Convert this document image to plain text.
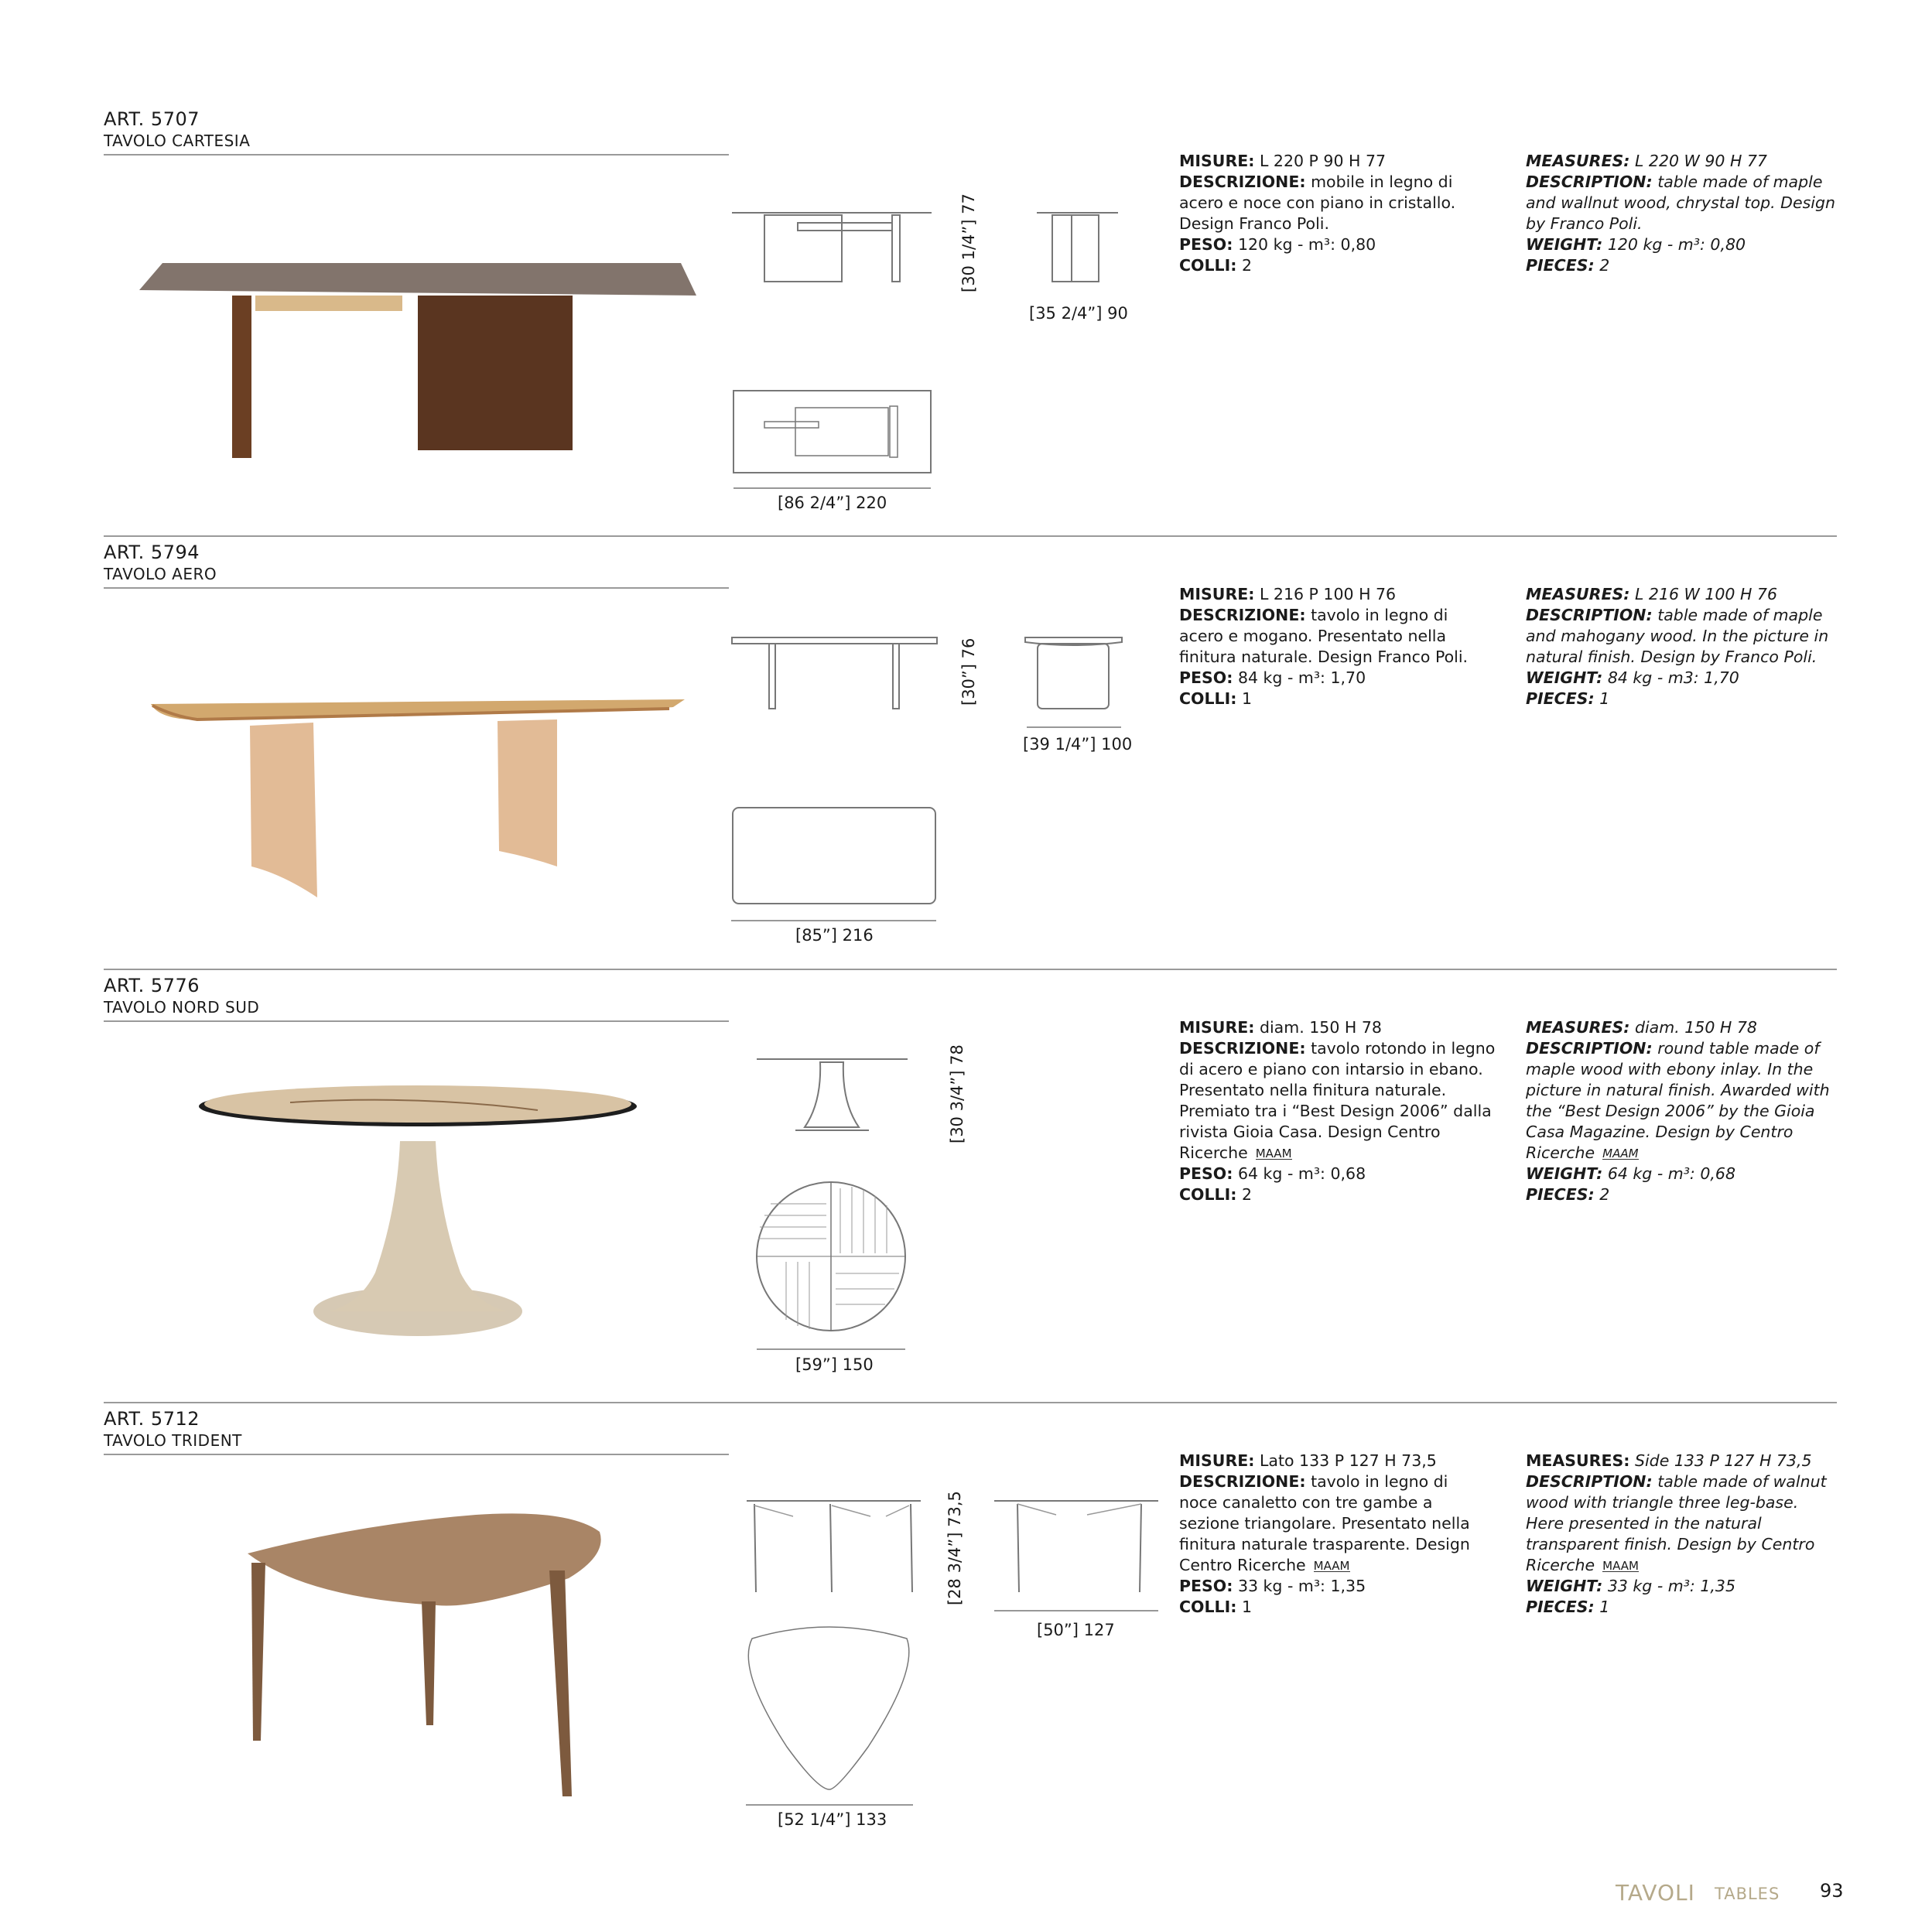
ART. 5707
TAVOLO CARTESIA
[30 1/4”] 77
[35 2/4”] 90
[86 2/4”] 220
MISURE: L 220 P 90 H 77
DESCRIZIONE: mobile in legno di acero e noce con piano in cristallo. Design Franco Poli.
PESO: 120 kg - m³: 0,80
COLLI: 2
MEASURES: L 220 W 90 H 77
DESCRIPTION: table made of maple and wallnut wood, chrystal top. Design by Franco Poli.
WEIGHT: 120 kg - m³: 0,80
PIECES: 2
ART. 5794
TAVOLO AERO
[30”] 76
[39 1/4”] 100
[85”] 216
MISURE: L 216 P 100 H 76
DESCRIZIONE: tavolo in legno di acero e mogano. Presentato nella finitura naturale. Design Franco Poli.
PESO: 84 kg - m³: 1,70
COLLI: 1
MEASURES: L 216 W 100 H 76
DESCRIPTION: table made of maple and mahogany wood. In the picture in natural finish. Design by Franco Poli.
WEIGHT: 84 kg - m3: 1,70
PIECES: 1
ART. 5776
TAVOLO NORD SUD
[30 3/4”] 78
[59”] 150
MISURE: diam. 150 H 78
DESCRIZIONE: tavolo rotondo in legno di acero e piano con intarsio in ebano. Presentato nella finitura naturale. Premiato tra i “Best Design 2006” dalla rivista Gioia Casa. Design Centro Ricerche MAAM
PESO: 64 kg - m³: 0,68
COLLI: 2
MEASURES: diam. 150 H 78
DESCRIPTION: round table made of maple wood with ebony inlay. In the picture in natural finish. Awarded with the “Best Design 2006” by the Gioia Casa Magazine. Design by Centro Ricerche MAAM
WEIGHT: 64 kg - m³: 0,68
PIECES: 2
ART. 5712
TAVOLO TRIDENT
[28 3/4”] 73,5
[50”] 127
[52 1/4”] 133
MISURE: Lato 133 P 127 H 73,5
DESCRIZIONE: tavolo in legno di noce canaletto con tre gambe a sezione triangolare. Presentato nella finitura naturale trasparente. Design Centro Ricerche MAAM
PESO: 33 kg - m³: 1,35
COLLI: 1
MEASURES: Side 133 P 127 H 73,5
DESCRIPTION: table made of walnut wood with triangle three leg-base. Here presented in the natural transparent finish. Design by Centro Ricerche MAAM
WEIGHT: 33 kg - m³: 1,35
PIECES: 1
TAVOLI TABLES 93
